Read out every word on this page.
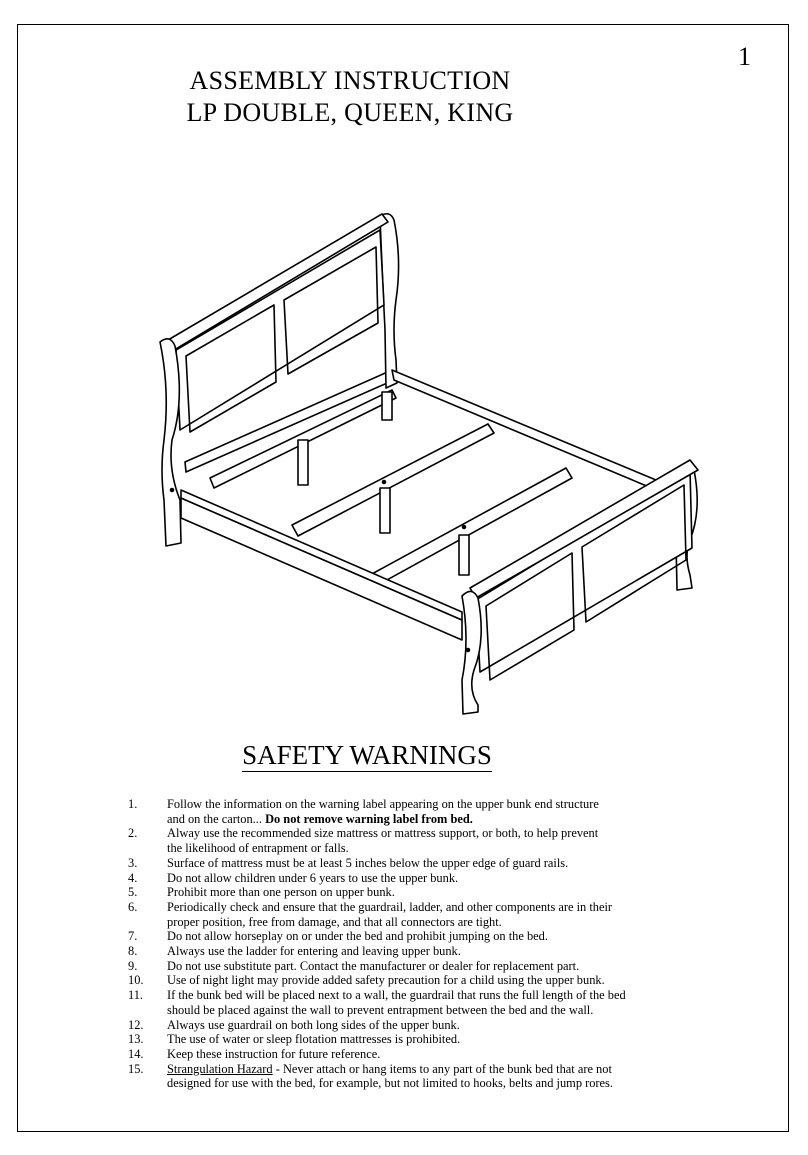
1
ASSEMBLY INSTRUCTION
LP DOUBLE, QUEEN, KING
SAFETY WARNINGS
1.	Follow the information on the warning label appearing on the upper bunk end structure
and on the carton... Do not remove warning label from bed.
2.	Alway use the recommended size mattress or mattress support, or both, to help prevent
the likelihood of entrapment or falls.
3.	Surface of mattress must be at least 5 inches below the upper edge of guard rails.
4.	Do not allow children under 6 years to use the upper bunk.
5.	Prohibit more than one person on upper bunk.
6.	Periodically check and ensure that the guardrail, ladder, and other components are in their
proper position, free from damage, and that all connectors are tight.
7.	Do not allow horseplay on or under the bed and prohibit jumping on the bed.
8.	Always use the ladder for entering and leaving upper bunk.
9.	Do not use substitute part. Contact the manufacturer or dealer for replacement part.
10.	Use of night light may provide added safety precaution for a child using the upper bunk.
11.	If the bunk bed will be placed next to a wall, the guardrail that runs the full length of the bed
should be placed against the wall to prevent entrapment between the bed and the wall.
12.	Always use guardrail on both long sides of the upper bunk.
13.	The use of water or sleep flotation mattresses is prohibited.
14.	Keep these instruction for future reference.
15.	Strangulation Hazard - Never attach or hang items to any part of the bunk bed that are not
designed for use with the bed, for example, but not limited to hooks, belts and jump rores.
